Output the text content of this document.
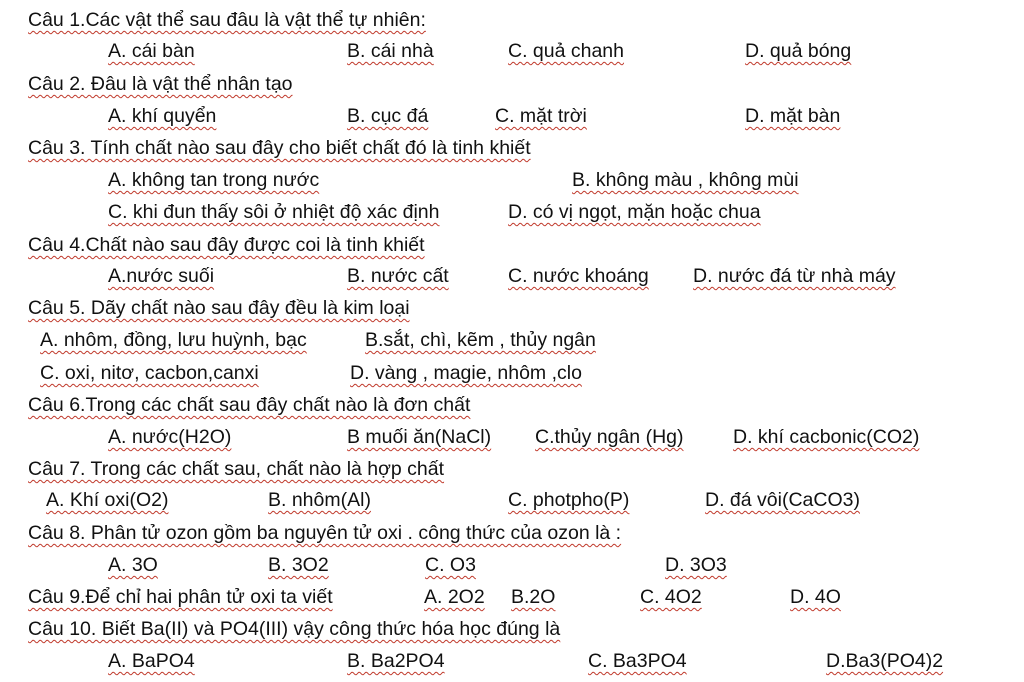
Câu 1.Các vật thể sau đâu là vật thể tự nhiên:
A. cái bàn	B. cái nhà	C. quả chanh	D. quả bóng
Câu 2. Đâu là vật thể nhân tạo
A. khí quyển	B. cục đá	C. mặt trời	D. mặt bàn
Câu 3. Tính chất nào sau đây cho biết chất đó là tinh khiết
A. không tan trong nước	B. không màu , không mùi
C. khi đun thấy sôi ở nhiệt độ xác định	D. có vị ngọt, mặn hoặc chua
Câu 4.Chất nào sau đây được coi là tinh khiết
A.nước suối	B. nước cất	C. nước khoáng D. nước đá từ nhà máy
Câu 5. Dãy chất nào sau đây đều là kim loại
A. nhôm, đồng, lưu huỳnh, bạc	B.sắt, chì, kẽm , thủy ngân
C. oxi, nitơ, cacbon,canxi	D. vàng , magie, nhôm ,clo
Câu 6.Trong các chất sau đây chất nào là đơn chất
A. nước(H2O)	B muối ăn(NaCl) C.thủy ngân (Hg)	D. khí cacbonic(CO2)
Câu 7. Trong các chất sau, chất nào là hợp chất
A. Khí oxi(O2)	B. nhôm(Al)	C. photpho(P)	D. đá vôi(CaCO3)
Câu 8. Phân tử ozon gồm ba nguyên tử oxi . công thức của ozon là :
A. 3O	B. 3O2	C. O3	D. 3O3
Câu 9.Để chỉ hai phân tử oxi ta viết	A. 2O2 B.2O	C. 4O2	D. 4O
Câu 10. Biết Ba(II) và PO4(III) vậy công thức hóa học đúng là
A. BaPO4	B. Ba2PO4	C. Ba3PO4	D.Ba3(PO4)2
